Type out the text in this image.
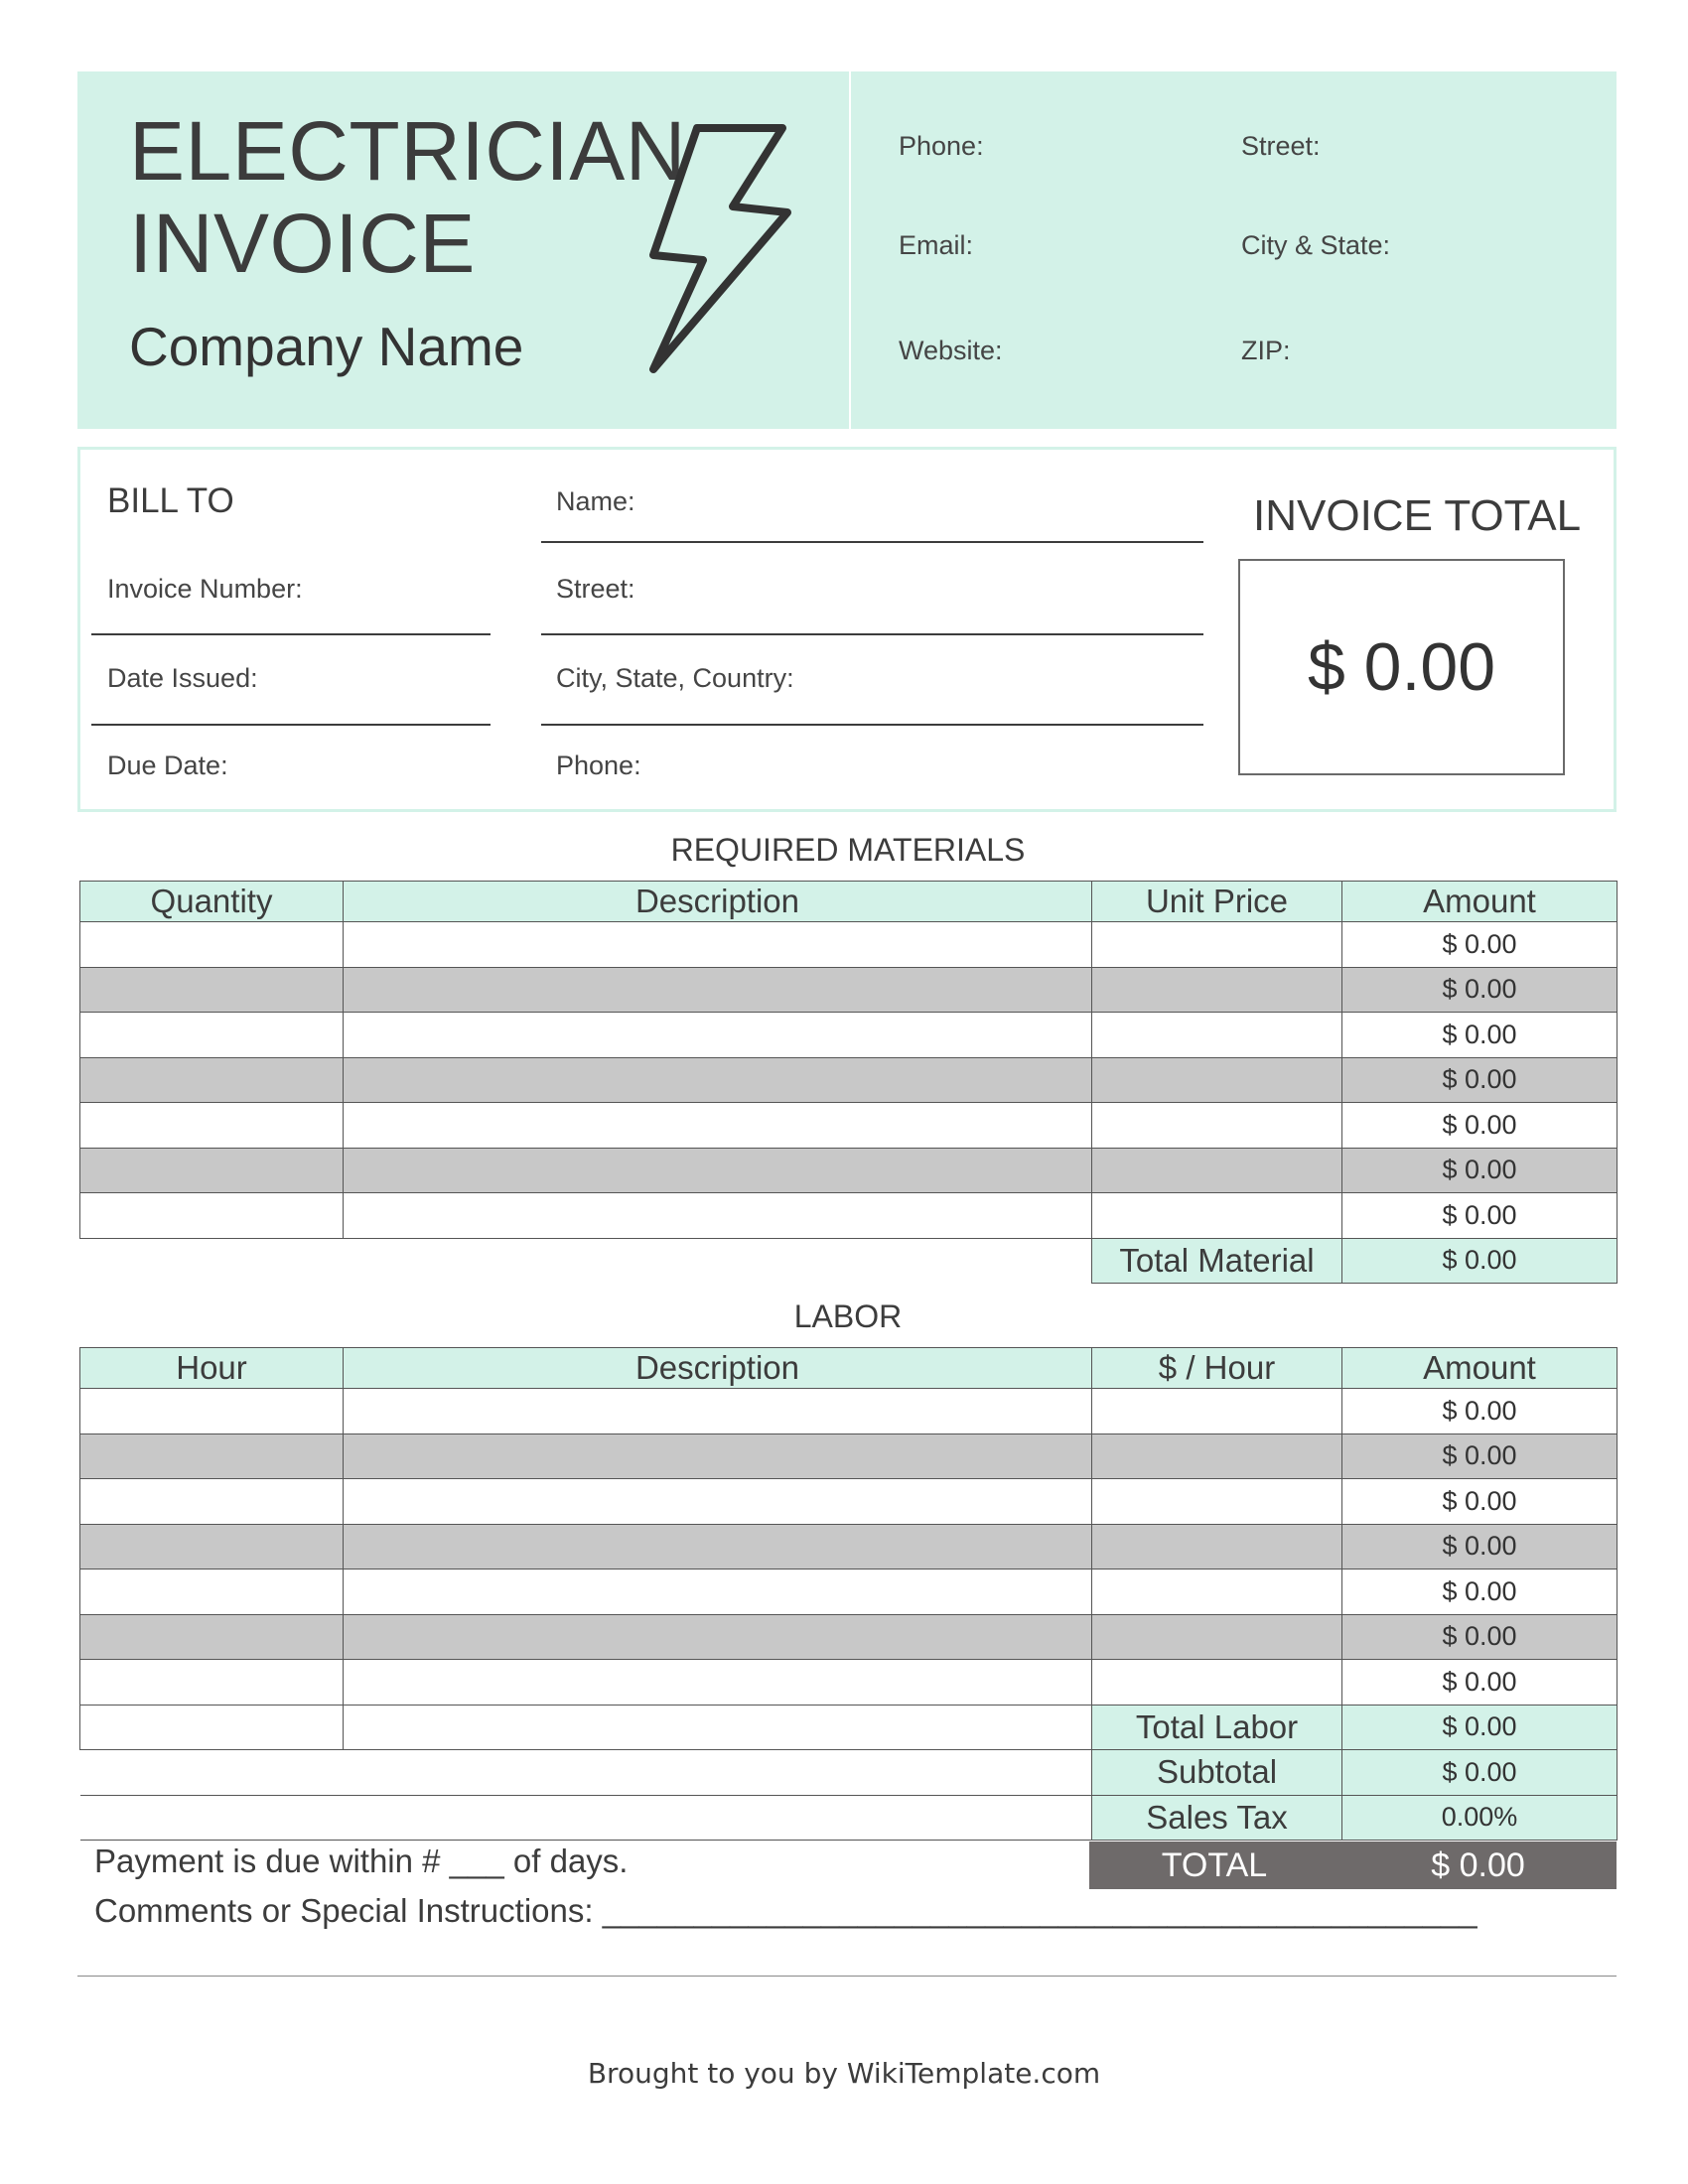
ELECTRICIAN
INVOICE
Company Name
Phone:
Email:
Website:
Street:
City & State:
ZIP:
BILL TO
Invoice Number:
Date Issued:
Due Date:
Name:
Street:
City, State, Country:
Phone:
INVOICE TOTAL
$ 0.00
REQUIRED MATERIALS
Quantity	Description	Unit Price	Amount
			$ 0.00
			$ 0.00
			$ 0.00
			$ 0.00
			$ 0.00
			$ 0.00
			$ 0.00
		Total Material	$ 0.00
LABOR
Hour	Description	$ / Hour	Amount
			$ 0.00
			$ 0.00
			$ 0.00
			$ 0.00
			$ 0.00
			$ 0.00
			$ 0.00
		Total Labor	$ 0.00
		Subtotal	$ 0.00
		Sales Tax	0.00%
TOTAL	$ 0.00
Payment is due within # ___ of days.
Comments or Special Instructions: ________________________________________________
Brought to you by WikiTemplate.com
